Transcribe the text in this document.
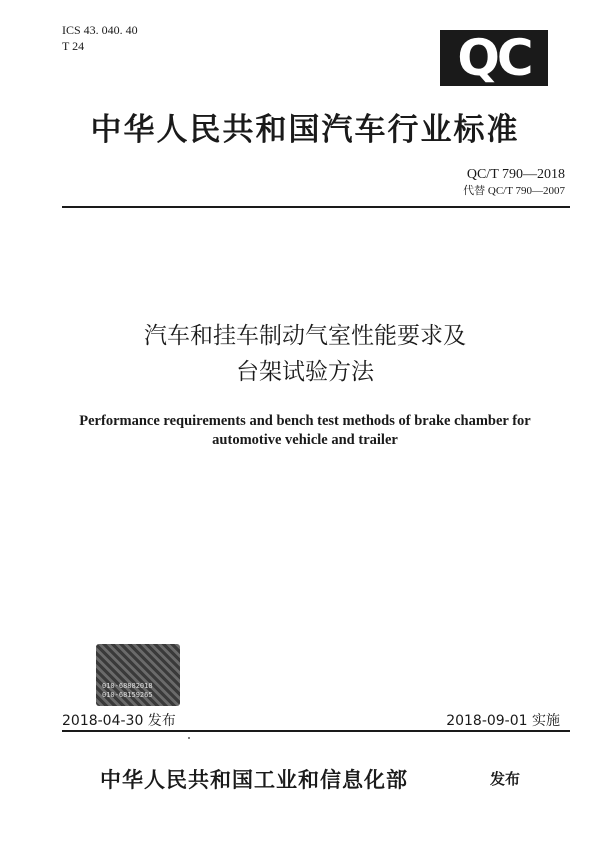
ICS 43. 040. 40
T 24	QC
中华人民共和国汽车行业标准
QC/T 790—2018
代替 QC/T 790—2007
汽车和挂车制动气室性能要求及
台架试验方法
Performance requirements and bench test methods of brake chamber for
automotive vehicle and trailer
010-68882018
010-68159265
2018-04-30 发布	2018-09-01 实施
中华人民共和国工业和信息化部	发布
